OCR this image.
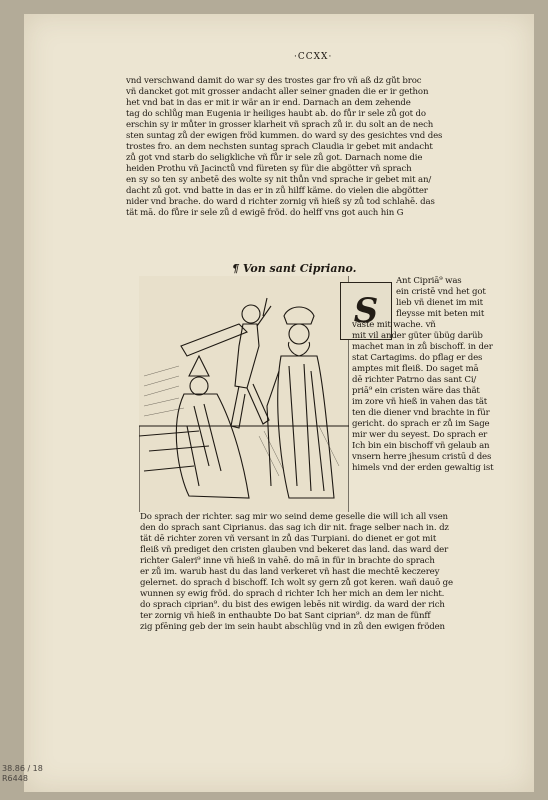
·CCXX·
vnd verschwand damit do war sy des trostes gar fro vñ aß dz gůt broc
vñ dancket got mit grosser andacht aller seiner gnaden die er ir gethon
het vnd bat in das er mit ir wär an ir end. Darnach an dem zehende
tag do schlůg man Eugenia ir heiliges haubt ab. do fůr ir sele zů got do
erschin sy ir můter in grosser klarheit vñ sprach zů ir. du solt an de nech
sten suntag zů der ewigen fröd kummen. do ward sy des gesichtes vnd des
trostes fro. an dem nechsten suntag sprach Claudia ir gebet mit andacht
zů got vnd starb do seligkliche vñ fůr ir sele zů got. Darnach nome die
heiden Prothu vñ Jacinctů vnd füreten sy für die abgötter vñ sprach
en sy so ten sy anbetē des wolte sy nit thůn vnd sprache ir gebet mit an/
dacht zů got. vnd batte in das er in zů hilff käme. do vielen die abgötter
nider vnd brache. do ward d richter zornig vñ hieß sy zů tod schlahē. das
tät mā. do fůre ir sele zů d ewigē fröd. do helff vns got auch hin G
¶ Von sant Cipriano.
S
Ant Cipriā⁹ was
ein cristē vnd het got
lieb vñ dienet im mit
fleysse mit beten mit
vaste mit wache. vñ
mit vil ander güter übüg darüb
machet man in zů bischoff. in der
stat Cartagims. do pflag er des
amptes mit fleiß. Do saget mā
dē richter Patrno das sant Ci/
priā⁹ ein cristen wäre das thät
im zore vñ hieß in vahen das tät
ten die diener vnd brachte in für
gericht. do sprach er zů im Sage
mir wer du seyest. Do sprach er
Ich bin ein bischoff vñ gelaub an
vnsern herre jhesum cristū d des
himels vnd der erden gewaltig ist
Do sprach der richter. sag mir wo seind deme geselle die will ich all vsen
den do sprach sant Ciprianus. das sag ich dir nit. frage selber nach in. dz
tät dē richter zoren vñ versant in zů das Turpiani. do dienet er got mit
fleiß vñ prediget den cristen glauben vnd bekeret das land. das ward der
richter Galeri⁹ inne vñ hieß in vahē. do mā in für in brachte do sprach
er zů im. warub hast du das land verkeret vñ hast die mechtē keczerey
gelernet. do sprach d bischoff. Ich wolt sy gern zů got keren. wañ dauō ge
wunnen sy ewig fröd. do sprach d richter Ich her mich an dem ler nicht.
do sprach ciprian⁹. du bist des ewigen lebēs nit wirdig. da ward der rich
ter zornig vñ hieß in enthaubte Do bat Sant ciprian⁹. dz man de fünff
zig pfēning geb der im sein haubt abschlüg vnd in zů den ewigen fröden
38.86 / 18
R6448
